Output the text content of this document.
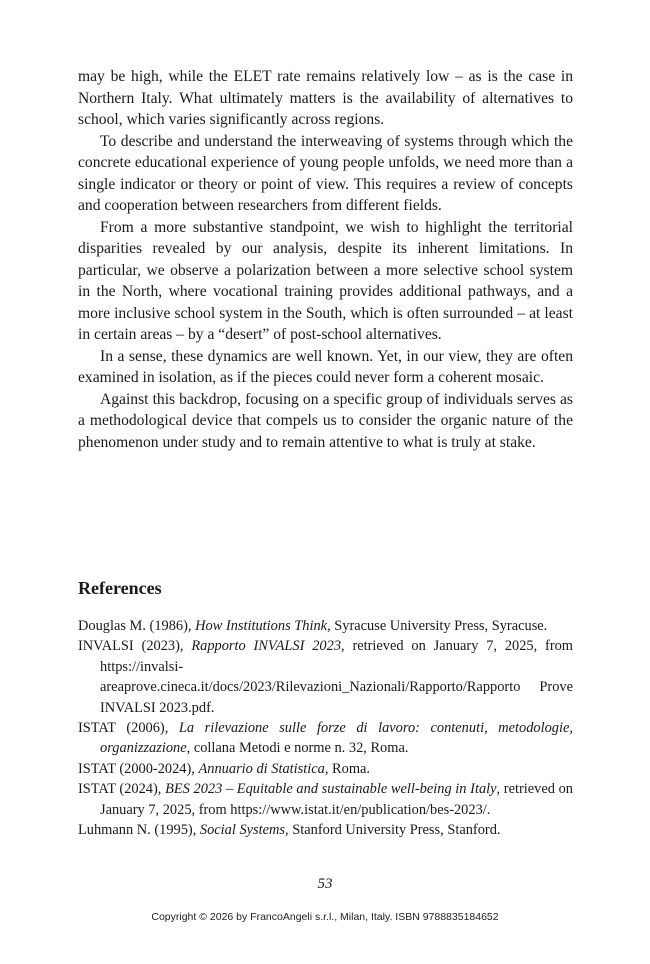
may be high, while the ELET rate remains relatively low – as is the case in Northern Italy. What ultimately matters is the availability of alternatives to school, which varies significantly across regions.

To describe and understand the interweaving of systems through which the concrete educational experience of young people unfolds, we need more than a single indicator or theory or point of view. This requires a review of concepts and cooperation between researchers from different fields.

From a more substantive standpoint, we wish to highlight the territorial disparities revealed by our analysis, despite its inherent limitations. In particular, we observe a polarization between a more selective school system in the North, where vocational training provides additional pathways, and a more inclusive school system in the South, which is often surrounded – at least in certain areas – by a “desert” of post-school alternatives.

In a sense, these dynamics are well known. Yet, in our view, they are often examined in isolation, as if the pieces could never form a coherent mosaic.

Against this backdrop, focusing on a specific group of individuals serves as a methodological device that compels us to consider the organic nature of the phenomenon under study and to remain attentive to what is truly at stake.

References
Douglas M. (1986), How Institutions Think, Syracuse University Press, Syracuse.
INVALSI (2023), Rapporto INVALSI 2023, retrieved on January 7, 2025, from https://invalsi-areaprove.cineca.it/docs/2023/Rilevazioni_Nazionali/Rapporto/Rapporto Prove INVALSI 2023.pdf.
ISTAT (2006), La rilevazione sulle forze di lavoro: contenuti, metodologie, organizzazione, collana Metodi e norme n. 32, Roma.
ISTAT (2000-2024), Annuario di Statistica, Roma.
ISTAT (2024), BES 2023 – Equitable and sustainable well-being in Italy, retrieved on January 7, 2025, from https://www.istat.it/en/publication/bes-2023/.
Luhmann N. (1995), Social Systems, Stanford University Press, Stanford.
53
Copyright © 2026 by FrancoAngeli s.r.l., Milan, Italy. ISBN 9788835184652
